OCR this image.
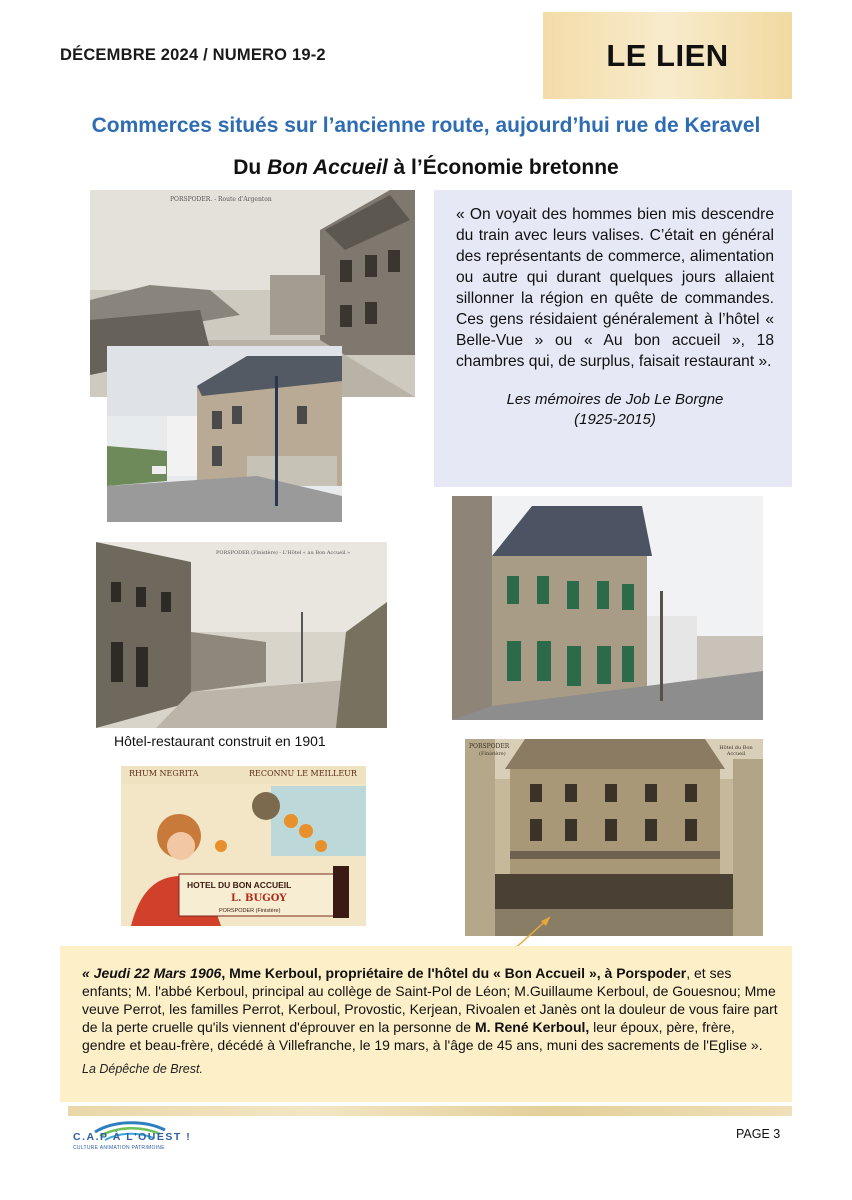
DÉCEMBRE 2024 / NUMERO 19-2	LE LIEN
Commerces situés sur l’ancienne route, aujourd’hui rue de Keravel
Du Bon Accueil à l’Économie bretonne
PORSPODER. - Route d'Argenton

« On voyait des hommes bien mis descendre du train avec leurs valises. C’était en général des représentants de commerce, alimentation ou autre qui durant quelques jours allaient sillonner la région en quête de commandes. Ces gens résidaient généralement à l’hôtel « Belle-Vue » ou « Au bon accueil », 18 chambres qui, de surplus, faisait restaurant ».

Les mémoires de Job Le Borgne
(1925-2015)

PORSPODER (Finistère) - L'Hôtel « au Bon Accueil »
Hôtel-restaurant construit en 1901
RHUM NEGRITA	RECONNU LE MEILLEUR
HOTEL DU BON ACCUEIL
L. BUGOY
PORSPODER (Finistère)
PORSPODER
(Finistère)
Hôtel du Bon Accueil

« Jeudi 22 Mars 1906, Mme Kerboul, propriétaire de l'hôtel du « Bon Accueil », à Porspoder, et ses enfants; M. l'abbé Kerboul, principal au collège de Saint-Pol de Léon; M.Guillaume Kerboul, de Gouesnou; Mme veuve Perrot, les familles Perrot, Kerboul, Provostic, Kerjean, Rivoalen et Janès ont la douleur de vous faire part de la perte cruelle qu'ils viennent d'éprouver en la personne de M. René Kerboul, leur époux, père, frère, gendre et beau-frère, décédé à Villefranche, le 19 mars, à l'âge de 45 ans, muni des sacrements de l'Eglise ».

La Dépêche de Brest.

C.A.P À L'OUEST !
CULTURE ANIMATION PATRIMOINE
PAGE 3
